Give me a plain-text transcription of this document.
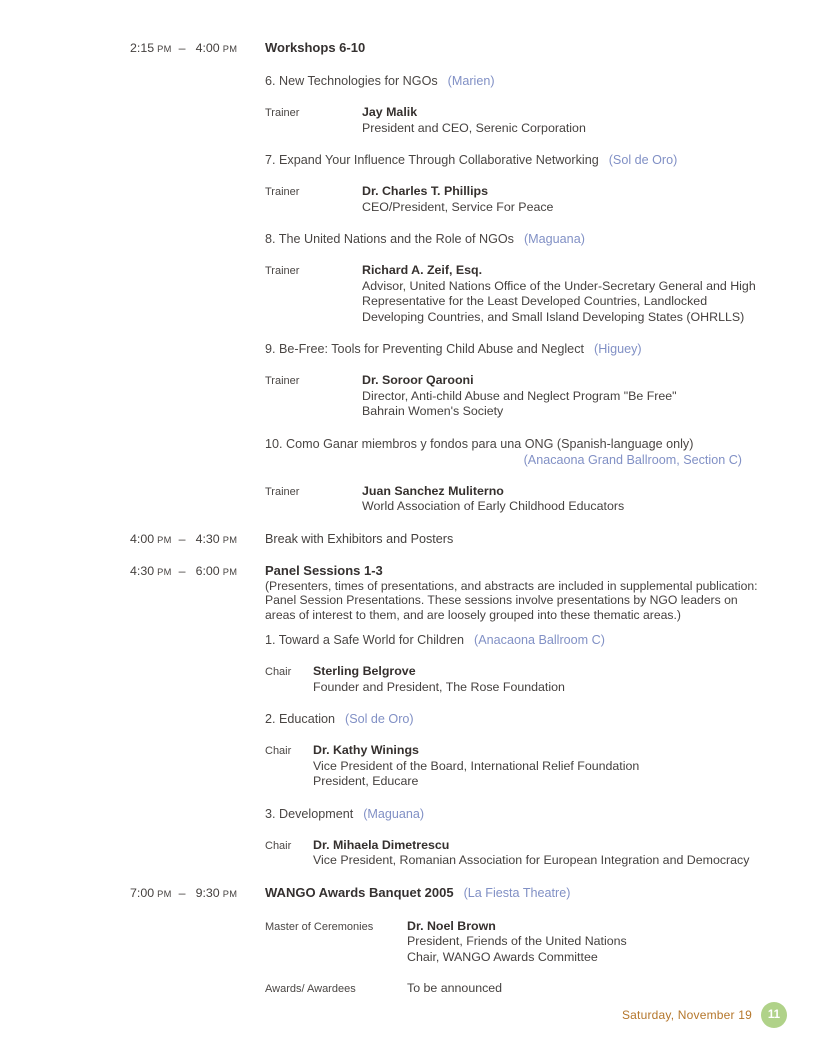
2:15 PM – 4:00 PM	Workshops 6-10
6. New Technologies for NGOs (Marien)
Trainer	Jay Malik
President and CEO, Serenic Corporation
7. Expand Your Influence Through Collaborative Networking (Sol de Oro)
Trainer	Dr. Charles T. Phillips
CEO/President, Service For Peace
8. The United Nations and the Role of NGOs (Maguana)
Trainer	Richard A. Zeif, Esq.
Advisor, United Nations Office of the Under-Secretary General and High Representative for the Least Developed Countries, Landlocked Developing Countries, and Small Island Developing States (OHRLLS)
9. Be-Free: Tools for Preventing Child Abuse and Neglect (Higuey)
Trainer	Dr. Soroor Qarooni
Director, Anti-child Abuse and Neglect Program "Be Free"
Bahrain Women's Society
10. Como Ganar miembros y fondos para una ONG (Spanish-language only)
(Anacaona Grand Ballroom, Section C)
Trainer	Juan Sanchez Muliterno
World Association of Early Childhood Educators
4:00 PM – 4:30 PM	Break with Exhibitors and Posters
4:30 PM – 6:00 PM	Panel Sessions 1-3
(Presenters, times of presentations, and abstracts are included in supplemental publication: Panel Session Presentations. These sessions involve presentations by NGO leaders on areas of interest to them, and are loosely grouped into these thematic areas.)
1. Toward a Safe World for Children (Anacaona Ballroom C)
Chair	Sterling Belgrove
Founder and President, The Rose Foundation
2. Education (Sol de Oro)
Chair	Dr. Kathy Winings
Vice President of the Board, International Relief Foundation
President, Educare
3. Development (Maguana)
Chair	Dr. Mihaela Dimetrescu
Vice President, Romanian Association for European Integration and Democracy
7:00 PM – 9:30 PM	WANGO Awards Banquet 2005 (La Fiesta Theatre)
Master of Ceremonies	Dr. Noel Brown
President, Friends of the United Nations
Chair, WANGO Awards Committee
Awards/ Awardees	To be announced
Saturday, November 19	11
